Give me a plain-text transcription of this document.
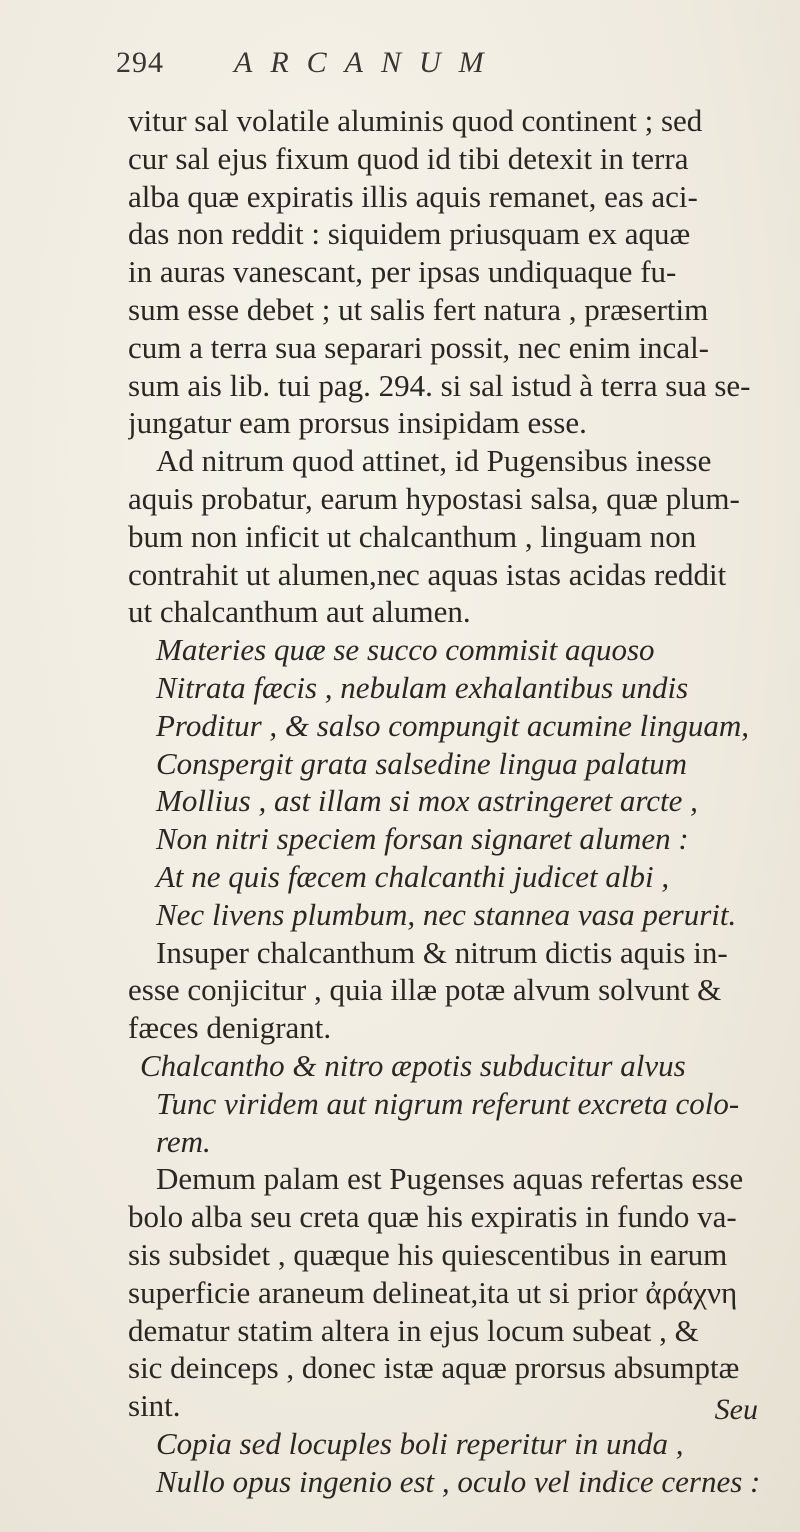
294 ARCANUM
vitur sal volatile aluminis quod continent ; sed
cur sal ejus fixum quod id tibi detexit in terra
alba quæ expiratis illis aquis remanet, eas aci-
das non reddit : siquidem priusquam ex aquæ
in auras vanescant, per ipsas undiquaque fu-
sum esse debet ; ut salis fert natura , præsertim
cum a terra sua separari possit, nec enim incal-
sum ais lib. tui pag. 294. si sal istud à terra sua se-
jungatur eam prorsus insipidam esse.
Ad nitrum quod attinet, id Pugensibus inesse
aquis probatur, earum hypostasi salsa, quæ plum-
bum non inficit ut chalcanthum , linguam non
contrahit ut alumen,nec aquas istas acidas reddit
ut chalcanthum aut alumen.
Materies quæ se succo commisit aquoso
Nitrata fæcis , nebulam exhalantibus undis
Proditur , & salso compungit acumine linguam,
Conspergit grata salsedine lingua palatum
Mollius , ast illam si mox astringeret arcte ,
Non nitri speciem forsan signaret alumen :
At ne quis fæcem chalcanthi judicet albi ,
Nec livens plumbum, nec stannea vasa perurit.
Insuper chalcanthum & nitrum dictis aquis in-
esse conjicitur , quia illæ potæ alvum solvunt &
fæces denigrant.
Chalcantho & nitro æpotis subducitur alvus
Tunc viridem aut nigrum referunt excreta colo-
rem.
Demum palam est Pugenses aquas refertas esse
bolo alba seu creta quæ his expiratis in fundo va-
sis subsidet , quæque his quiescentibus in earum
superficie araneum delineat,ita ut si prior ἀράχνη
dematur statim altera in ejus locum subeat , &
sic deinceps , donec istæ aquæ prorsus absumptæ
sint.
Copia sed locuples boli reperitur in unda ,
Nullo opus ingenio est , oculo vel indice cernes :
Seu
